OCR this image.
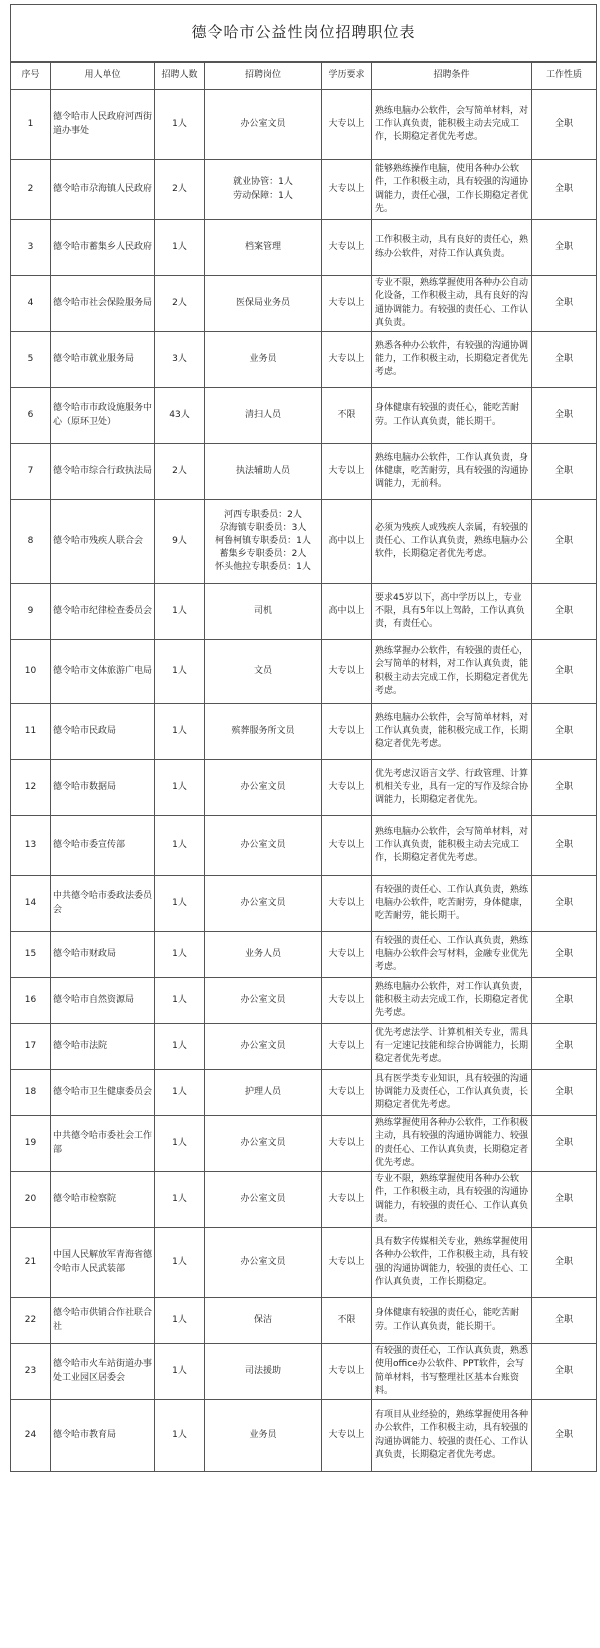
德令哈市公益性岗位招聘职位表						
序号	用人单位	招聘人数	招聘岗位	学历要求	招聘条件	工作性质
1	德令哈市人民政府河西街道办事处	1人	办公室文员	大专以上	熟练电脑办公软件，会写简单材料，对工作认真负责，能积极主动去完成工作，长期稳定者优先考虑。	全职
2	德令哈市尕海镇人民政府	2人	就业协管：1人
劳动保障：1人	大专以上	能够熟练操作电脑，使用各种办公软件，工作积极主动，具有较强的沟通协调能力，责任心强，工作长期稳定者优先。	全职
3	德令哈市蓄集乡人民政府	1人	档案管理	大专以上	工作积极主动，具有良好的责任心，熟练办公软件，对待工作认真负责。	全职
4	德令哈市社会保险服务局	2人	医保局业务员	大专以上	专业不限，熟练掌握使用各种办公自动化设备，工作积极主动，具有良好的沟通协调能力。有较强的责任心、工作认真负责。	全职
5	德令哈市就业服务局	3人	业务员	大专以上	熟悉各种办公软件，有较强的沟通协调能力，工作积极主动，长期稳定者优先考虑。	全职
6	德令哈市市政设施服务中心（原环卫处）	43人	清扫人员	不限	身体健康有较强的责任心，能吃苦耐劳。工作认真负责，能长期干。	全职
7	德令哈市综合行政执法局	2人	执法辅助人员	大专以上	熟练电脑办公软件，工作认真负责，身体健康，吃苦耐劳，具有较强的沟通协调能力，无前科。	全职
8	德令哈市残疾人联合会	9人	河西专职委员：2人
尕海镇专职委员：3人
柯鲁柯镇专职委员：1人
蓄集乡专职委员：2人
怀头他拉专职委员：1人	高中以上	必须为残疾人或残疾人亲属，有较强的责任心、工作认真负责，熟练电脑办公软件，长期稳定者优先考虑。	全职
9	德令哈市纪律检查委员会	1人	司机	高中以上	要求45岁以下，高中学历以上，专业不限，具有5年以上驾龄，工作认真负责，有责任心。	全职
10	德令哈市文体旅游广电局	1人	文员	大专以上	熟练掌握办公软件，有较强的责任心，会写简单的材料，对工作认真负责，能积极主动去完成工作，长期稳定者优先考虑。	全职
11	德令哈市民政局	1人	殡葬服务所文员	大专以上	熟练电脑办公软件，会写简单材料，对工作认真负责，能积极完成工作，长期稳定者优先考虑。	全职
12	德令哈市数据局	1人	办公室文员	大专以上	优先考虑汉语言文学、行政管理、计算机相关专业，具有一定的写作及综合协调能力，长期稳定者优先。	全职
13	德令哈市委宣传部	1人	办公室文员	大专以上	熟练电脑办公软件，会写简单材料，对工作认真负责，能积极主动去完成工作，长期稳定者优先考虑。	全职
14	中共德令哈市委政法委员会	1人	办公室文员	大专以上	有较强的责任心、工作认真负责，熟练电脑办公软件，吃苦耐劳，身体健康，吃苦耐劳，能长期干。	全职
15	德令哈市财政局	1人	业务人员	大专以上	有较强的责任心、工作认真负责，熟练电脑办公软件会写材料，金融专业优先考虑。	全职
16	德令哈市自然资源局	1人	办公室文员	大专以上	熟练电脑办公软件，对工作认真负责，能积极主动去完成工作，长期稳定者优先考虑。	全职
17	德令哈市法院	1人	办公室文员	大专以上	优先考虑法学、计算机相关专业，需具有一定速记技能和综合协调能力，长期稳定者优先考虑。	全职
18	德令哈市卫生健康委员会	1人	护理人员	大专以上	具有医学类专业知识，具有较强的沟通协调能力及责任心，工作认真负责，长期稳定者优先考虑。	全职
19	中共德令哈市委社会工作部	1人	办公室文员	大专以上	熟练掌握使用各种办公软件，工作积极主动，具有较强的沟通协调能力、较强的责任心、工作认真负责，长期稳定者优先考虑。	全职
20	德令哈市检察院	1人	办公室文员	大专以上	专业不限，熟练掌握使用各种办公软件，工作积极主动，具有较强的沟通协调能力，有较强的责任心、工作认真负责。	全职
21	中国人民解放军青海省德令哈市人民武装部	1人	办公室文员	大专以上	具有数字传媒相关专业，熟练掌握使用各种办公软件，工作积极主动，具有较强的沟通协调能力，较强的责任心、工作认真负责，工作长期稳定。	全职
22	德令哈市供销合作社联合社	1人	保洁	不限	身体健康有较强的责任心，能吃苦耐劳。工作认真负责，能长期干。	全职
23	德令哈市火车站街道办事处工业园区居委会	1人	司法援助	大专以上	有较强的责任心，工作认真负责，熟悉使用office办公软件、PPT软件，会写简单材料，书写整理社区基本台账资料。	全职
24	德令哈市教育局	1人	业务员	大专以上	有项目从业经验的，熟练掌握使用各种办公软件，工作积极主动，具有较强的沟通协调能力、较强的责任心、工作认真负责，长期稳定者优先考虑。	全职
